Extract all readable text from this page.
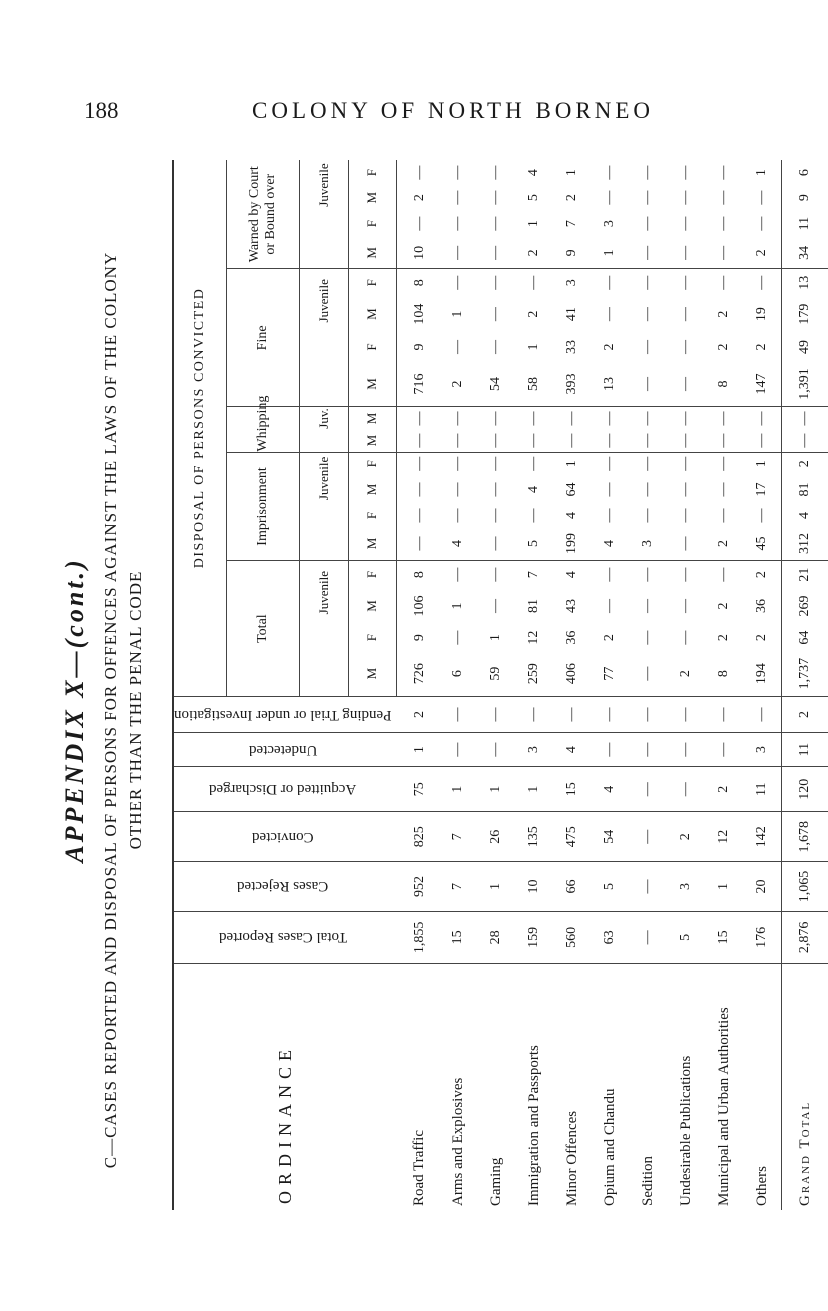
188	COLONY OF NORTH BORNEO
APPENDIX X—(cont.) C—CASES REPORTED AND DISPOSAL OF PERSONS FOR OFFENCES AGAINST THE LAWS OF THE COLONY OTHER THAN THE PENAL CODE
ORDINANCE	Total Cases Reported	Cases Rejected	Convicted	Acquitted or Discharged	Undetected	Pending Trial or under Investigation	DISPOSAL OF PERSONS CONVICTED																	
							Total				Imprisonment				Whipping		Fine				Warned by Court or Bound over			
									Juvenile				Juvenile			Juv.			Juvenile				Juvenile	
							M	F	M	F	M	F	M	F	M	M	M	F	M	F	M	F	M	F
Road Traffic	1,855	952	825	75	1	2	726	9	106	8	—	—	—	—	—	—	716	9	104	8	10	—	2	—
Arms and Explosives	15	7	7	1	—	—	6	—	1	—	4	—	—	—	—	—	2	—	1	—	—	—	—	—
Gaming	28	1	26	1	—	—	59	1	—	—	—	—	—	—	—	—	54	—	—	—	—	—	—	—
Immigration and Passports	159	10	135	1	3	—	259	12	81	7	5	—	4	—	—	—	58	1	2	—	2	1	5	4
Minor Offences	560	66	475	15	4	—	406	36	43	4	199	4	64	1	—	—	393	33	41	3	9	7	2	1
Opium and Chandu	63	5	54	4	—	—	77	2	—	—	4	—	—	—	—	—	13	2	—	—	1	3	—	—
Sedition	—	—	—	—	—	—	—	—	—	—	3	—	—	—	—	—	—	—	—	—	—	—	—	—
Undesirable Publications	5	3	2	—	—	—	2	—	—	—	—	—	—	—	—	—	—	—	—	—	—	—	—	—
Municipal and Urban Authorities	15	1	12	2	—	—	8	2	2	—	2	—	—	—	—	—	8	2	2	—	—	—	—	—
Others	176	20	142	11	3	—	194	2	36	2	45	—	17	1	—	—	147	2	19	—	2	—	—	1
Grand Total	2,876	1,065	1,678	120	11	2	1,737	64	269	21	312	4	81	2	—	—	1,391	49	179	13	34	11	9	6
